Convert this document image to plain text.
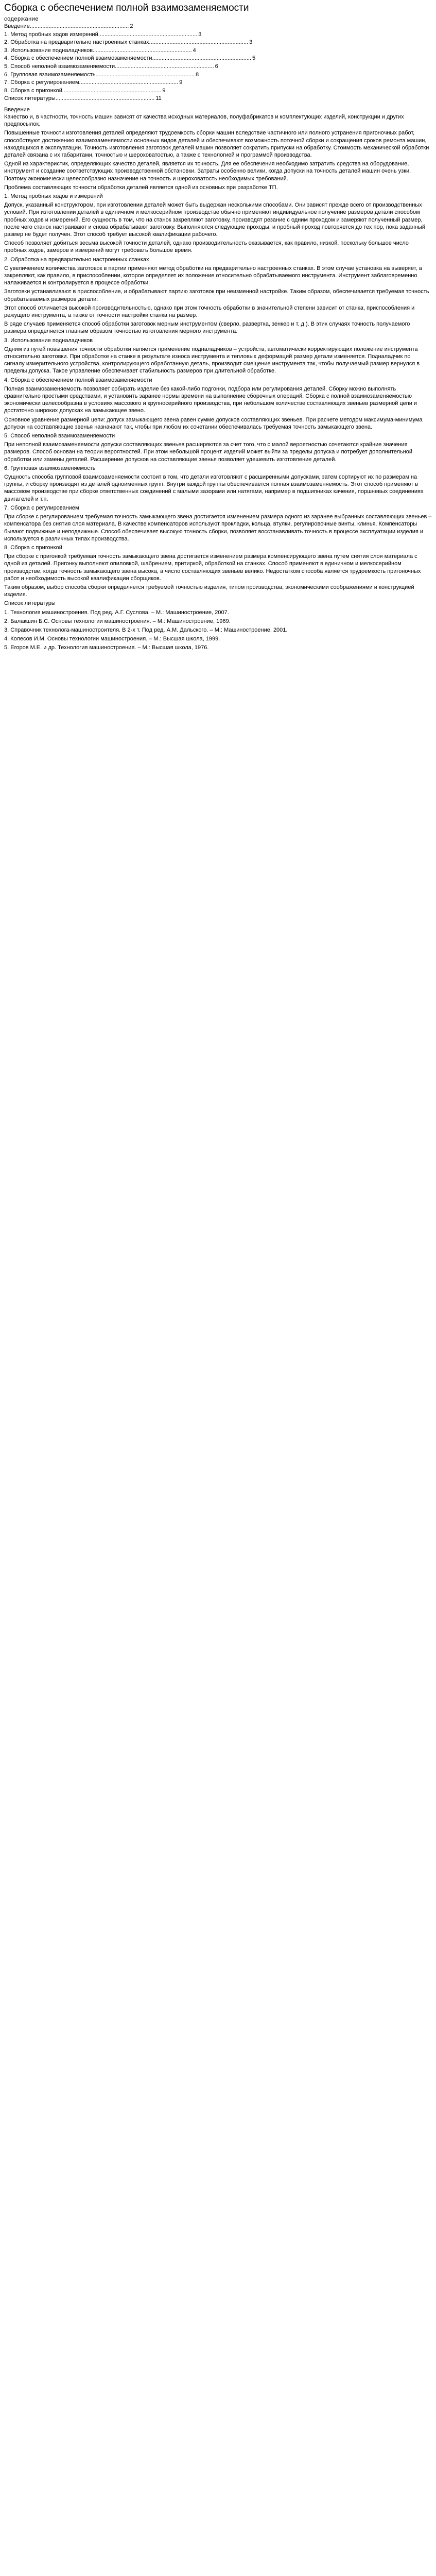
Сборка с обеспечением полной взаимозаменяемости
содержание
Введение............................................................... 2
1. Метод пробных ходов измерений............................................................... 3
2. Обработка на предварительно настроенных станках............................................................... 3
3. Использование подналадчиков............................................................... 4
4. Сборка с обеспечением полной взаимозаменяемости............................................................... 5
5. Способ неполной взаимозаменяемости............................................................... 6
6. Групповая взаимозаменяемость............................................................... 8
7. Сборка с регулированием............................................................... 9
8. Сборка с пригонкой............................................................... 9
Список литературы............................................................... 11
Введение

Качество и, в частности, точность машин зависят от качества исходных материалов, полуфабрикатов и комплектующих изделий, конструкции и других предпосылок.

Повышенные точности изготовления деталей определяют трудоемкость сборки машин вследствие частичного или полного устранения пригоночных работ, способствуют достижению взаимозаменяемости основных видов деталей и обеспечивают возможность поточной сборки и сокращения сроков ремонта машин, находящихся в эксплуатации. Точность изготовления заготовок деталей машин позволяет сократить припуски на обработку. Стоимость механической обработки деталей связана с их габаритами, точностью и шероховатостью, а также с технологией и программой производства.

Одной из характеристик, определяющих качество деталей, является их точность. Для ее обеспечения необходимо затратить средства на оборудование, инструмент и создание соответствующих производственной обстановки. Затраты особенно велики, когда допуски на точность деталей машин очень узки. Поэтому экономически целесообразно назначение на точность и шероховатость необходимых требований.

Проблема составляющих точности обработки деталей является одной из основных при разработке ТП.

1. Метод пробных ходов и измерений

Допуск, указанный конструктором, при изготовлении деталей может быть выдержан несколькими способами. Они зависят прежде всего от производственных условий. При изготовлении деталей в единичном и мелкосерийном производстве обычно применяют индивидуальное получение размеров детали способом пробных ходов и измерений. Его сущность в том, что на станок закрепляют заготовку, производят резание с одним проходом и замеряют полученный размер, после чего станок настраивают и снова обрабатывают заготовку. Выполняются следующие проходы, и пробный проход повторяется до тех пор, пока заданный размер не будет получен. Этот способ требует высокой квалификации рабочего.

Способ позволяет добиться весьма высокой точности деталей, однако производительность оказывается, как правило, низкой, поскольку большое число пробных ходов, замеров и измерений могут требовать большое время.

2. Обработка на предварительно настроенных станках

С увеличением количества заготовок в партии применяют метод обработки на предварительно настроенных станках. В этом случае установка на выверяет, а закрепляют, как правило, в приспособлении, которое определяет их положение относительно обрабатываемого инструмента. Инструмент заблаговременно налаживается и контролируется в процессе обработки.

Заготовки устанавливают в приспособление, и обрабатывают партию заготовок при неизменной настройке. Таким образом, обеспечивается требуемая точность обрабатываемых размеров детали.

Этот способ отличается высокой производительностью, однако при этом точность обработки в значительной степени зависит от станка, приспособления и режущего инструмента, а также от точности настройки станка на размер.

В ряде случаев применяется способ обработки заготовок мерным инструментом (сверло, развертка, зенкер и т. д.). В этих случаях точность получаемого размера определяется главным образом точностью изготовления мерного инструмента.

3. Использование подналадчиков

Одним из путей повышения точности обработки является применение подналадчиков – устройств, автоматически корректирующих положение инструмента относительно заготовки. При обработке на станке в результате износа инструмента и тепловых деформаций размер детали изменяется. Подналадчик по сигналу измерительного устройства, контролирующего обработанную деталь, производит смещение инструмента так, чтобы получаемый размер вернулся в пределы допуска. Такое управление обеспечивает стабильность размеров при длительной обработке.

4. Сборка с обеспечением полной взаимозаменяемости

Полная взаимозаменяемость позволяет собирать изделие без какой-либо подгонки, подбора или регулирования деталей. Сборку можно выполнять сравнительно простыми средствами, и установить заранее нормы времени на выполнение сборочных операций. Сборка с полной взаимозаменяемостью экономически целесообразна в условиях массового и крупносерийного производства, при небольшом количестве составляющих звеньев размерной цепи и достаточно широких допусках на замыкающее звено.

Основное уравнение размерной цепи: допуск замыкающего звена равен сумме допусков составляющих звеньев. При расчете методом максимума-минимума допуски на составляющие звенья назначают так, чтобы при любом их сочетании обеспечивалась требуемая точность замыкающего звена.

5. Способ неполной взаимозаменяемости

При неполной взаимозаменяемости допуски составляющих звеньев расширяются за счет того, что с малой вероятностью сочетаются крайние значения размеров. Способ основан на теории вероятностей. При этом небольшой процент изделий может выйти за пределы допуска и потребует дополнительной обработки или замены деталей. Расширение допусков на составляющие звенья позволяет удешевить изготовление деталей.

6. Групповая взаимозаменяемость

Сущность способа групповой взаимозаменяемости состоит в том, что детали изготовляют с расширенными допусками, затем сортируют их по размерам на группы, и сборку производят из деталей одноименных групп. Внутри каждой группы обеспечивается полная взаимозаменяемость. Этот способ применяют в массовом производстве при сборке ответственных соединений с малыми зазорами или натягами, например в подшипниках качения, поршневых соединениях двигателей и т.п.

7. Сборка с регулированием

При сборке с регулированием требуемая точность замыкающего звена достигается изменением размера одного из заранее выбранных составляющих звеньев – компенсатора без снятия слоя материала. В качестве компенсаторов используют прокладки, кольца, втулки, регулировочные винты, клинья. Компенсаторы бывают подвижные и неподвижные. Способ обеспечивает высокую точность сборки, позволяет восстанавливать точность в процессе эксплуатации изделия и используется в различных типах производства.

8. Сборка с пригонкой

При сборке с пригонкой требуемая точность замыкающего звена достигается изменением размера компенсирующего звена путем снятия слоя материала с одной из деталей. Пригонку выполняют опиловкой, шабрением, притиркой, обработкой на станках. Способ применяют в единичном и мелкосерийном производстве, когда точность замыкающего звена высока, а число составляющих звеньев велико. Недостатком способа является трудоемкость пригоночных работ и необходимость высокой квалификации сборщиков.

Таким образом, выбор способа сборки определяется требуемой точностью изделия, типом производства, экономическими соображениями и конструкцией изделия.

Список литературы

1. Технология машиностроения. Под ред. А.Г. Суслова. – М.: Машиностроение, 2007.

2. Балакшин Б.С. Основы технологии машиностроения. – М.: Машиностроение, 1969.

3. Справочник технолога-машиностроителя. В 2-х т. Под ред. А.М. Дальского. – М.: Машиностроение, 2001.

4. Колесов И.М. Основы технологии машиностроения. – М.: Высшая школа, 1999.

5. Егоров М.Е. и др. Технология машиностроения. – М.: Высшая школа, 1976.
